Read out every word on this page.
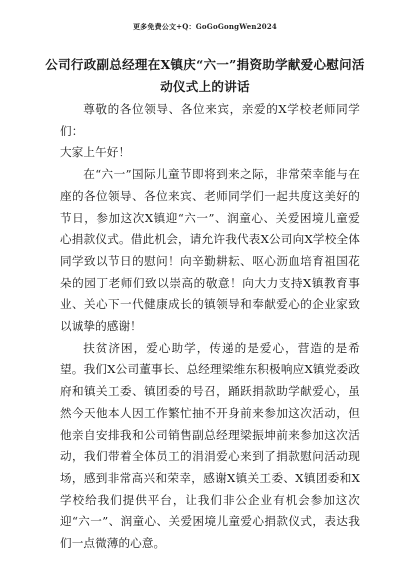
更多免费公文+Q：GoGoGongWen2024
公司行政副总经理在X镇庆“六一”捐资助学献爱心慰问活
动仪式上的讲话

尊敬的各位领导、各位来宾，亲爱的X学校老师同学们：

大家上午好！

在“六一”国际儿童节即将到来之际，非常荣幸能与在座的各位领导、各位来宾、老师同学们一起共度这美好的节日，参加这次X镇迎“六一”、润童心、关爱困境儿童爱心捐款仪式。借此机会，请允许我代表X公司向X学校全体同学致以节日的慰问！向辛勤耕耘、呕心沥血培育祖国花朵的园丁老师们致以崇高的敬意！向大力支持X镇教育事业、关心下一代健康成长的镇领导和奉献爱心的企业家致以诚挚的感谢！

扶贫济困，爱心助学，传递的是爱心，营造的是希望。我们X公司董事长、总经理梁维东积极响应X镇党委政府和镇关工委、镇团委的号召，踊跃捐款助学献爱心，虽然今天他本人因工作繁忙抽不开身前来参加这次活动，但他亲自安排我和公司销售副总经理梁振坤前来参加这次活动，我们带着全体员工的涓涓爱心来到了捐款慰问活动现场，感到非常高兴和荣幸，感谢X镇关工委、X镇团委和X学校给我们提供平台，让我们非公企业有机会参加这次迎“六一”、润童心、关爱困境儿童爱心捐款仪式，表达我们一点微薄的心意。
